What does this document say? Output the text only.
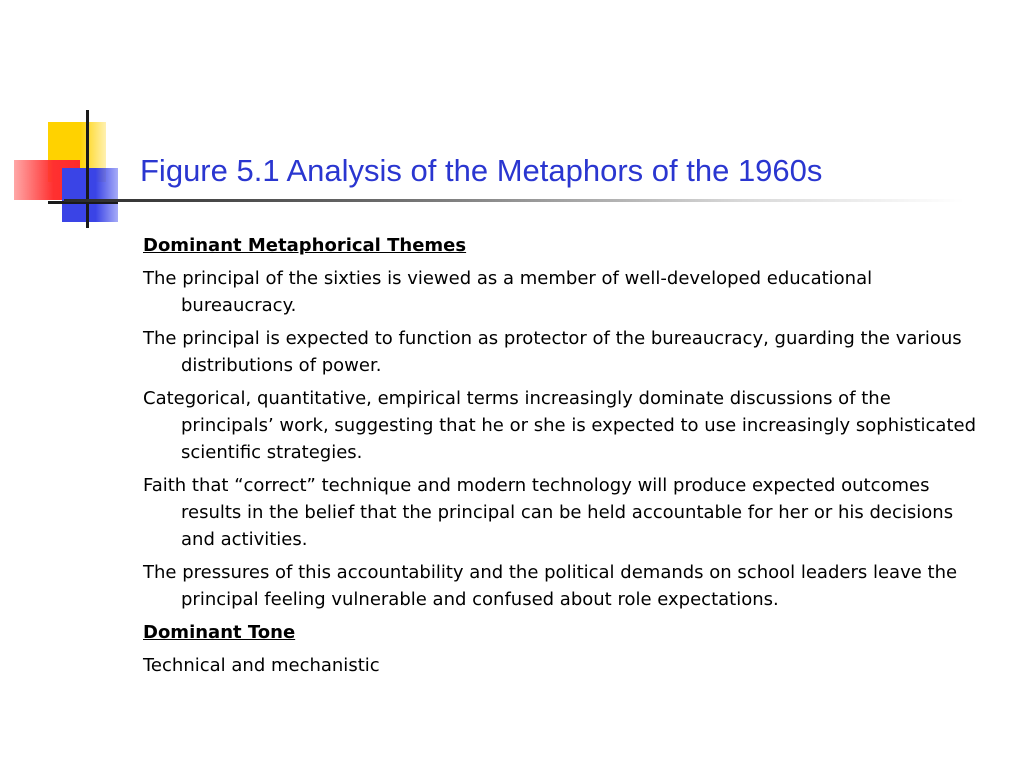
Figure 5.1 Analysis of the Metaphors of the 1960s

Dominant Metaphorical Themes

The principal of the sixties is viewed as a member of well-developed educational bureaucracy.

The principal is expected to function as protector of the bureaucracy, guarding the various distributions of power.

Categorical, quantitative, empirical terms increasingly dominate discussions of the principals’ work, suggesting that he or she is expected to use increasingly sophisticated scientific strategies.

Faith that “correct” technique and modern technology will produce expected outcomes results in the belief that the principal can be held accountable for her or his decisions and activities.

The pressures of this accountability and the political demands on school leaders leave the principal feeling vulnerable and confused about role expectations.

Dominant Tone

Technical and mechanistic
